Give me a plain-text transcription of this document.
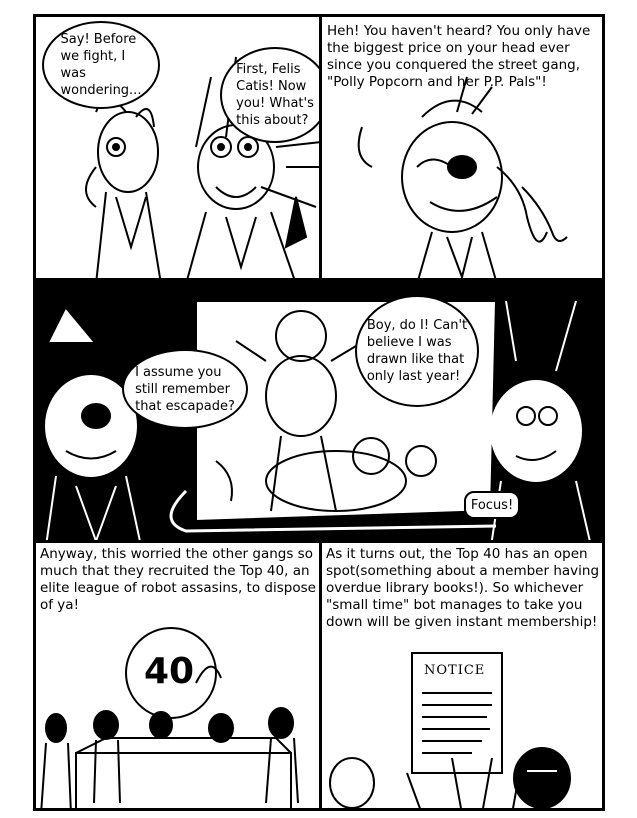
Say! Before
we fight, I
was
wondering...
First, Felis
Catis! Now
you! What's
this about?
Heh! You haven't heard? You only have the biggest price on your head ever since you conquered the street gang, "Polly Popcorn and her P.P. Pals"!
I assume you
still remember
that escapade?
Boy, do I! Can't
believe I was
drawn like that
only last year!
Focus!
Anyway, this worried the other gangs so much that they recruited the Top 40, an elite league of robot assasins, to dispose of ya!
40
As it turns out, the Top 40 has an open spot(something about a member having overdue library books!). So whichever "small time" bot manages to take you down will be given instant membership!
NOTICE
